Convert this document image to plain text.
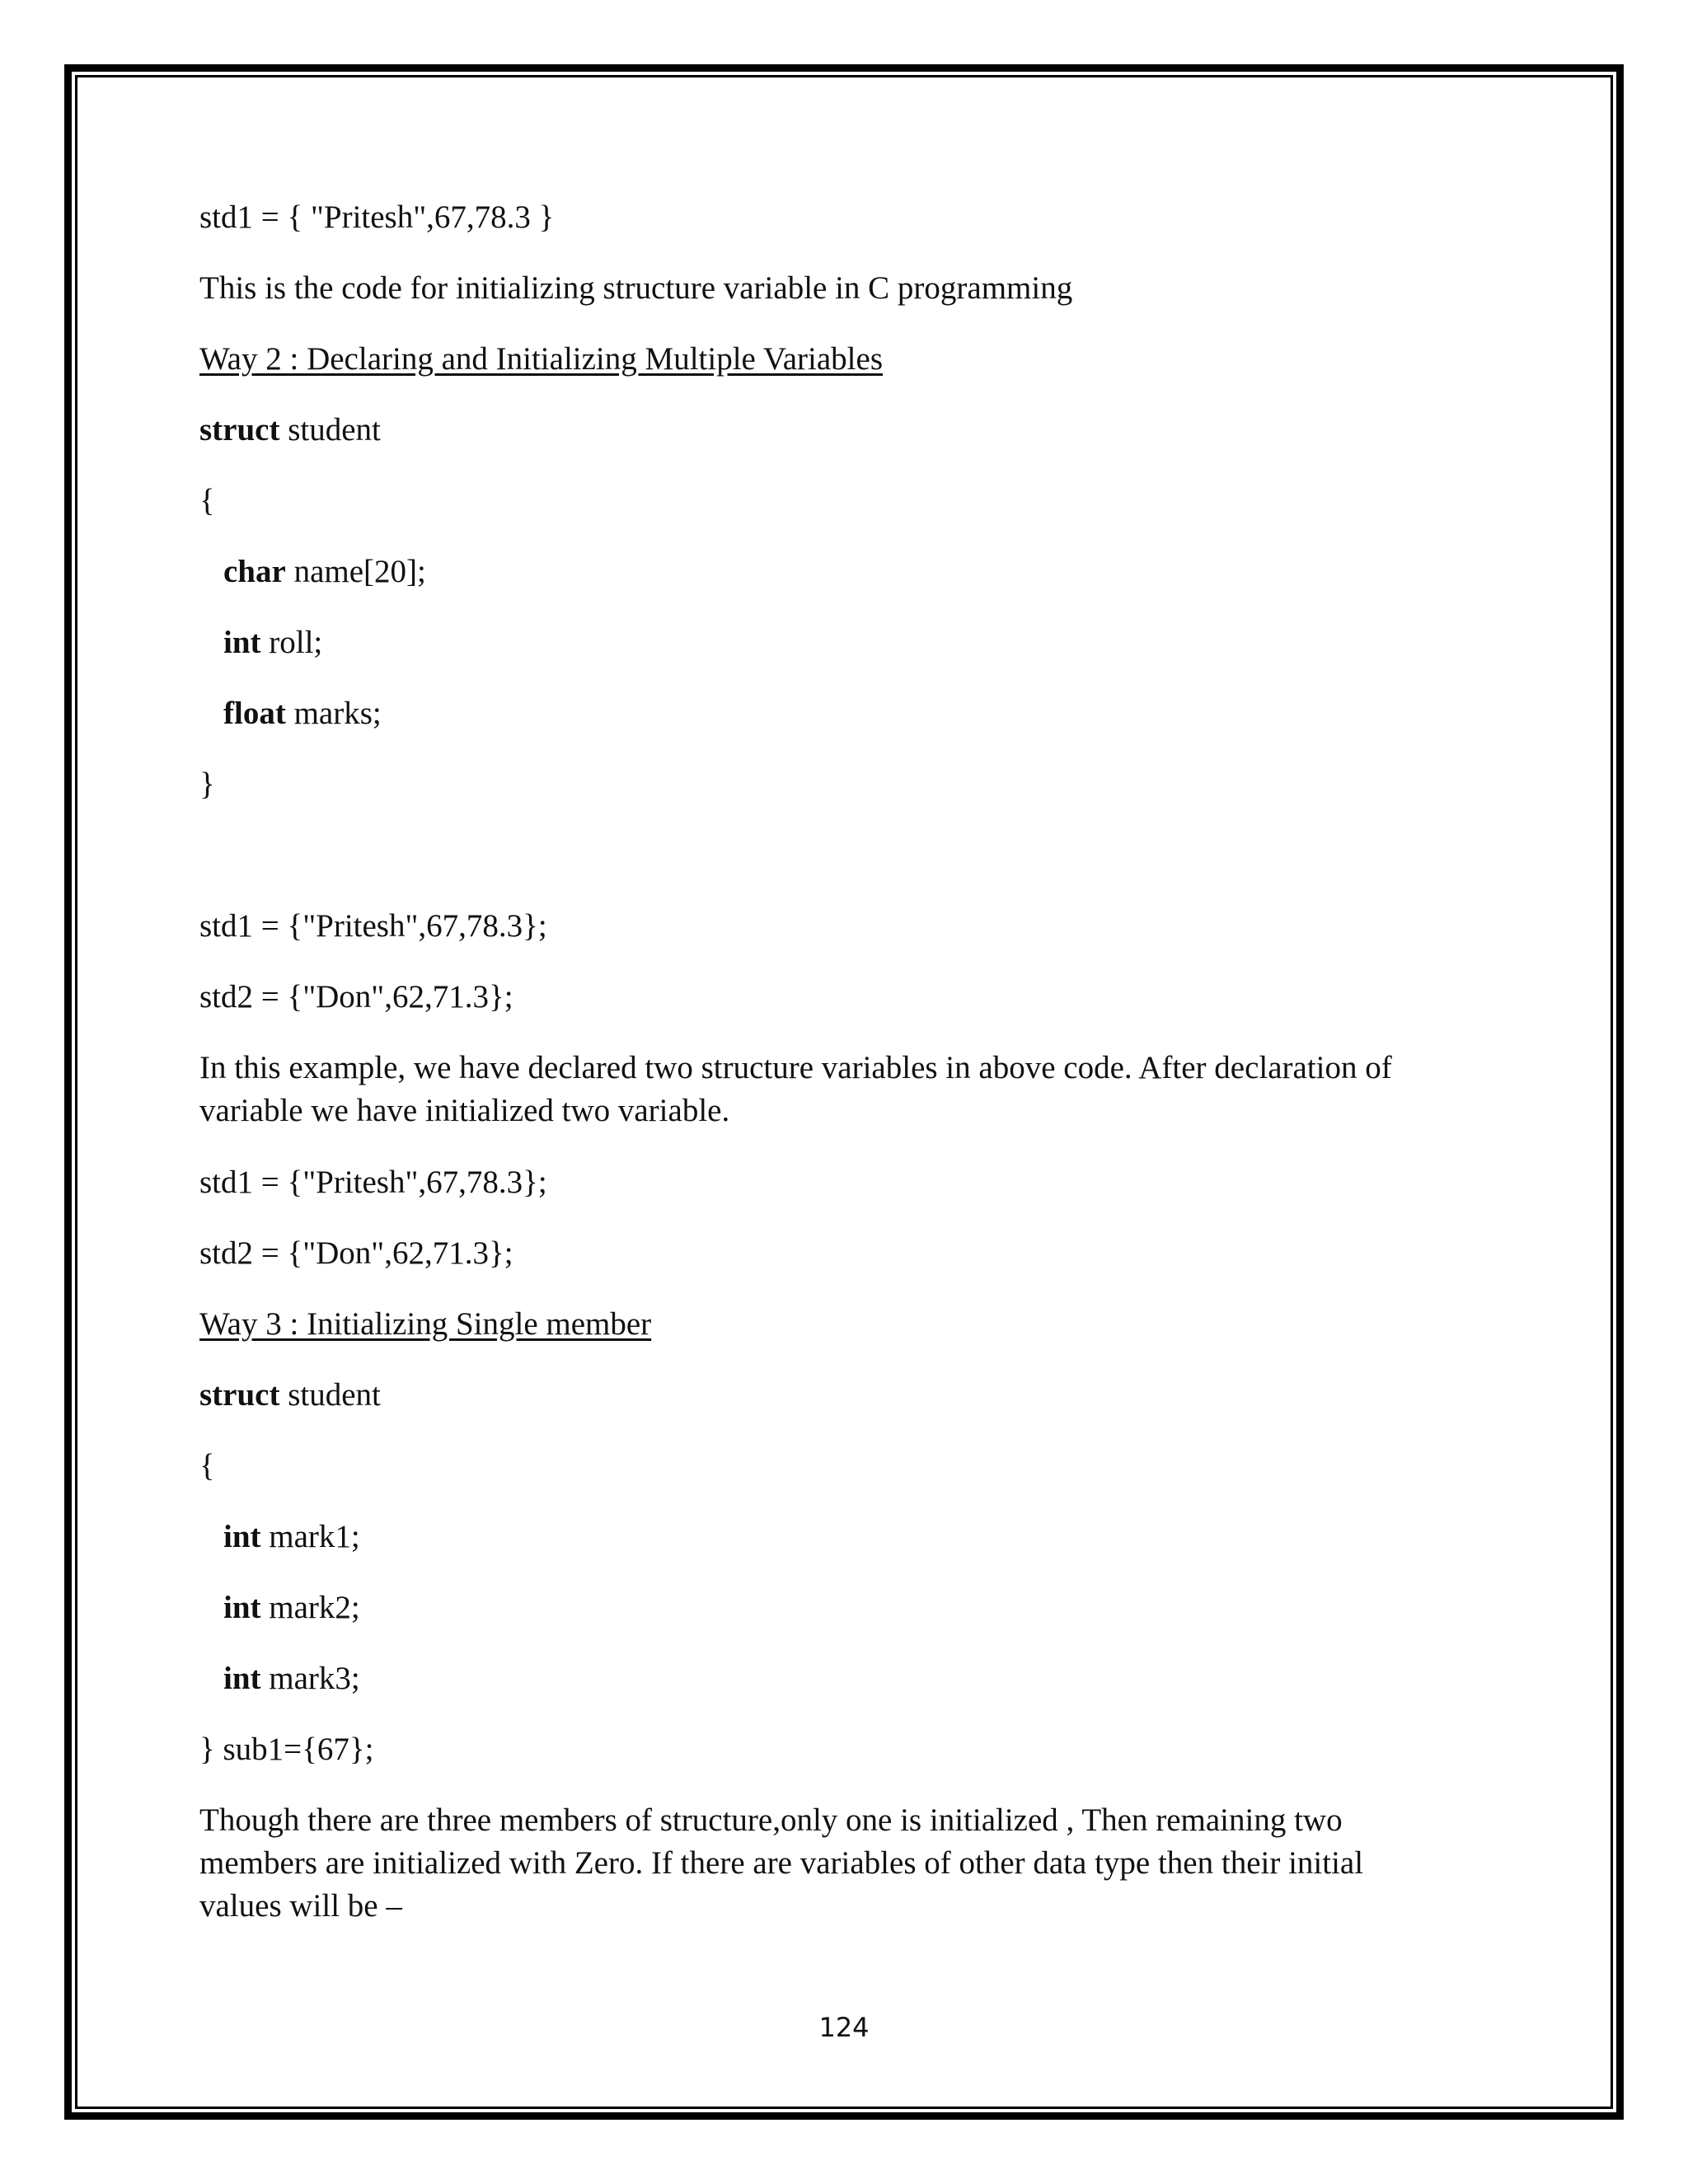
std1 = { "Pritesh",67,78.3 }
This is the code for initializing structure variable in C programming
Way 2 : Declaring and Initializing Multiple Variables
struct student
{
char name[20];
int roll;
float marks;
}
std1 = {"Pritesh",67,78.3};
std2 = {"Don",62,71.3};

In this example, we have declared two structure variables in above code. After declaration of variable we have initialized two variable.

std1 = {"Pritesh",67,78.3};
std2 = {"Don",62,71.3};
Way 3 : Initializing Single member
struct student
{
int mark1;
int mark2;
int mark3;
} sub1={67};

Though there are three members of structure,only one is initialized , Then remaining two members are initialized with Zero. If there are variables of other data type then their initial values will be –

124
